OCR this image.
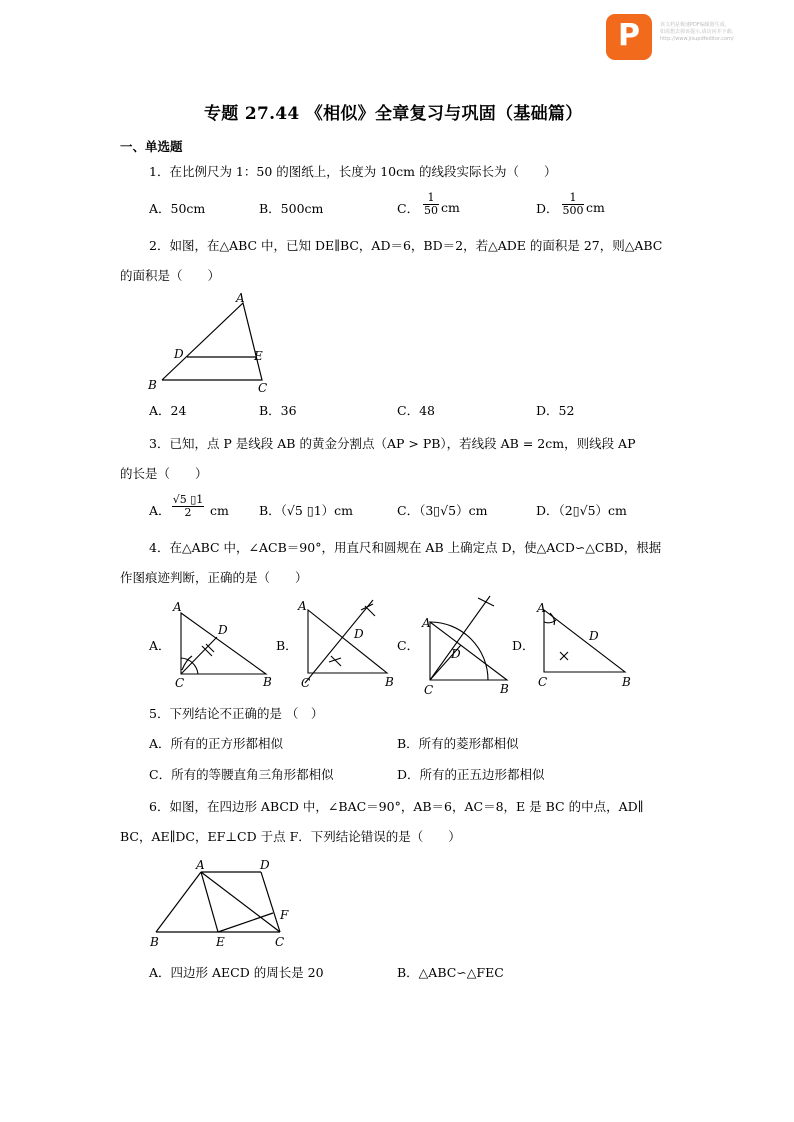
P	该文档是极速PDF编辑器生成,
如需想去掉该提示,请访问并下载:
http://www.jisupdfeditor.com/
专题 27.44 《相似》全章复习与巩固（基础篇）
一、单选题
1．在比例尺为 1：50 的图纸上，长度为 10cm 的线段实际长为（　　）
A．50cm	B．500cm	C． $\frac{1}{50}$ cm	D． $\frac{1}{500}$ cm
2．如图，在△ABC 中，已知 DE∥BC，AD＝6，BD＝2，若△ADE 的面积是 27，则△ABC
的面积是（　　）
A
D	E
B	C
A．24	B．36	C．48	D．52
3．已知，点 P 是线段 AB 的黄金分割点（AP > PB），若线段 AB = 2cm，则线段 AP
的长是（　　）
A． $\frac{√5 ▯1}{2}$ cm B．（√5 ▯1）cm	C．（3▯√5）cm	D．（2▯√5）cm
4．在△ABC 中，∠ACB＝90°，用直尺和圆规在 AB 上确定点 D，使△ACD∽△CBD，根据
作图痕迹判断，正确的是（　　）
A．
A
D
C	B
B．
A
D
C	B
C．
A
D
C	B
D．
A
D
C	B
5．下列结论不正确的是 （　）
A．所有的正方形都相似	B．所有的菱形都相似
C．所有的等腰直角三角形都相似	D．所有的正五边形都相似
6．如图，在四边形 ABCD 中，∠BAC＝90°，AB＝6，AC＝8，E 是 BC 的中点，AD∥
BC，AE∥DC，EF⊥CD 于点 F．下列结论错误的是（　　）
A	D
F
B	E	C
A．四边形 AECD 的周长是 20	B．△ABC∽△FEC
